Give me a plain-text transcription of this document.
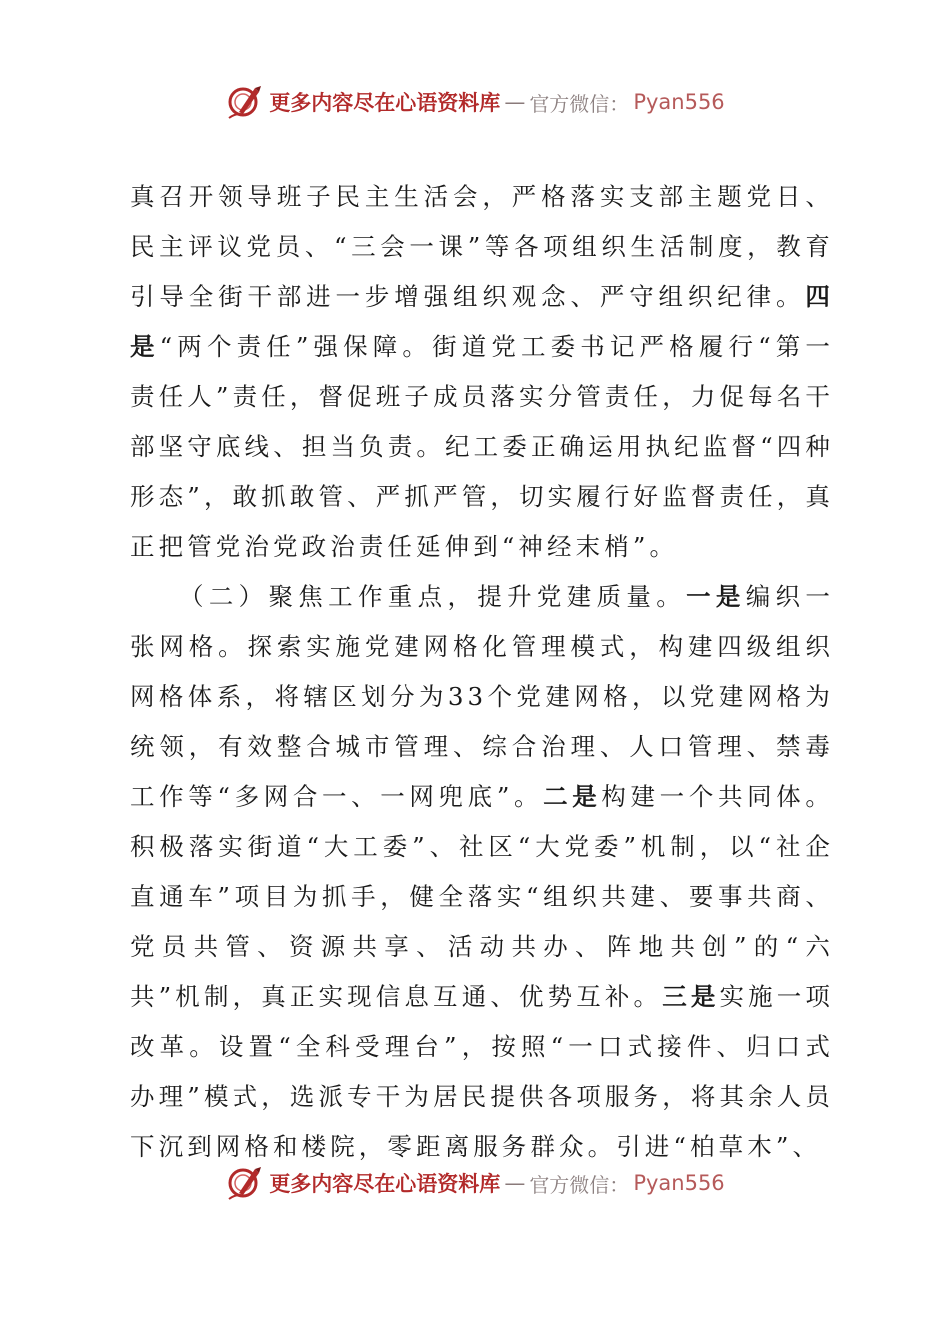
更多内容尽在心语资料库 — 官方微信： Pyan556

真召开领导班子民主生活会，严格落实支部主题党日、民主评议党员、“三会一课”等各项组织生活制度，教育引导全街干部进一步增强组织观念、严守组织纪律。四是“两个责任”强保障。街道党工委书记严格履行“第一责任人”责任，督促班子成员落实分管责任，力促每名干部坚守底线、担当负责。纪工委正确运用执纪监督“四种形态”，敢抓敢管、严抓严管，切实履行好监督责任，真正把管党治党政治责任延伸到“神经末梢”。

（二）聚焦工作重点，提升党建质量。一是编织一张网格。探索实施党建网格化管理模式，构建四级组织网格体系，将辖区划分为33个党建网格，以党建网格为统领，有效整合城市管理、综合治理、人口管理、禁毒工作等“多网合一、一网兜底”。二是构建一个共同体。积极落实街道“大工委”、社区“大党委”机制，以“社企直通车”项目为抓手，健全落实“组织共建、要事共商、党员共管、资源共享、活动共办、阵地共创”的“六共”机制，真正实现信息互通、优势互补。三是实施一项改革。设置“全科受理台”，按照“一口式接件、归口式办理”模式，选派专干为居民提供各项服务，将其余人员下沉到网格和楼院，零距离服务群众。引进“柏草木”、

更多内容尽在心语资料库 — 官方微信： Pyan556
